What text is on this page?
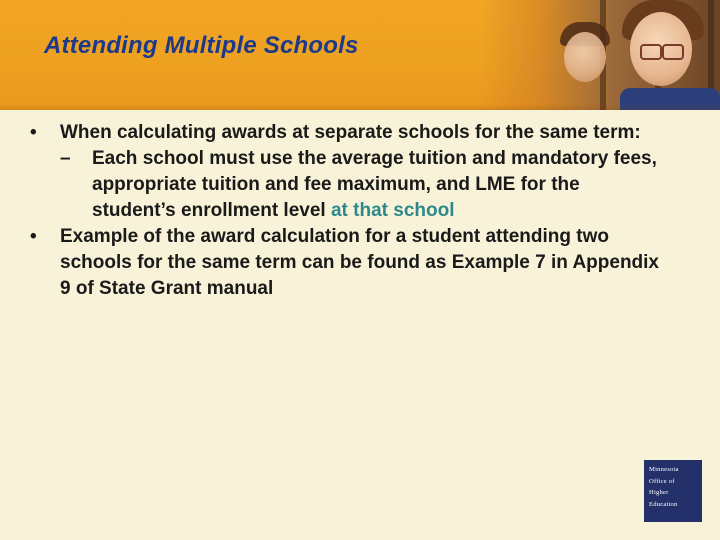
Attending Multiple Schools

• When calculating awards at separate schools for the same term:

– Each school must use the average tuition and mandatory fees, appropriate tuition and fee maximum, and LME for the student’s enrollment level at that school

• Example of the award calculation for a student attending two schools for the same term can be found as Example 7 in Appendix 9 of State Grant manual

Minnesota
Office of
Higher
Education
